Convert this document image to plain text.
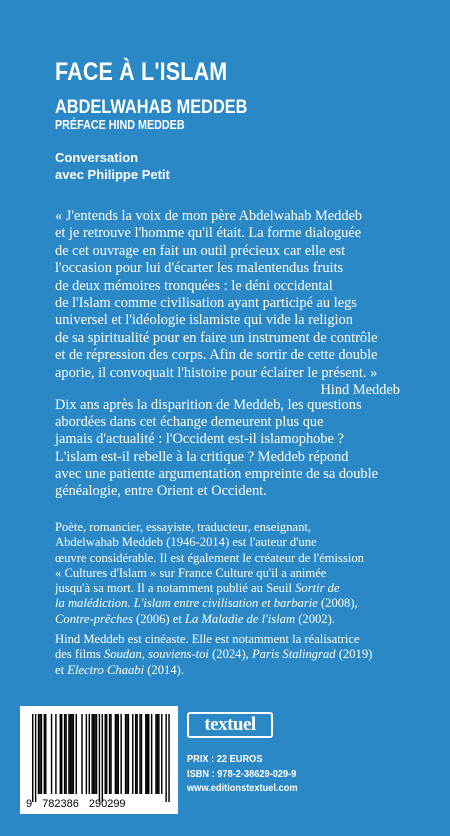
FACE À L'ISLAM
ABDELWAHAB MEDDEB
PRÉFACE HIND MEDDEB
Conversation
avec Philippe Petit
« J'entends la voix de mon père Abdelwahab Meddeb
et je retrouve l'homme qu'il était. La forme dialoguée
de cet ouvrage en fait un outil précieux car elle est
l'occasion pour lui d'écarter les malentendus fruits
de deux mémoires tronquées : le déni occidental
de l'Islam comme civilisation ayant participé au legs
universel et l'idéologie islamiste qui vide la religion
de sa spiritualité pour en faire un instrument de contrôle
et de répression des corps. Afin de sortir de cette double
aporie, il convoquait l'histoire pour éclairer le présent. »
Hind Meddeb
Dix ans après la disparition de Meddeb, les questions
abordées dans cet échange demeurent plus que
jamais d'actualité : l'Occident est-il islamophobe ?
L'islam est-il rebelle à la critique ? Meddeb répond
avec une patiente argumentation empreinte de sa double
généalogie, entre Orient et Occident.
Poète, romancier, essayiste, traducteur, enseignant,
Abdelwahab Meddeb (1946-2014) est l'auteur d'une
œuvre considérable. Il est également le créateur de l'émission
« Cultures d'Islam » sur France Culture qu'il a animée
jusqu'à sa mort. Il a notamment publié au Seuil Sortir de
la malédiction. L'islam entre civilisation et barbarie (2008),
Contre-prêches (2006) et La Maladie de l'islam (2002).
Hind Meddeb est cinéaste. Elle est notamment la réalisatrice
des films Soudan, souviens-toi (2024), Paris Stalingrad (2019)
et Electro Chaabi (2014).
9 782386 290299
textuel
PRIX : 22 EUROS
ISBN : 978-2-38629-029-9
www.editionstextuel.com
